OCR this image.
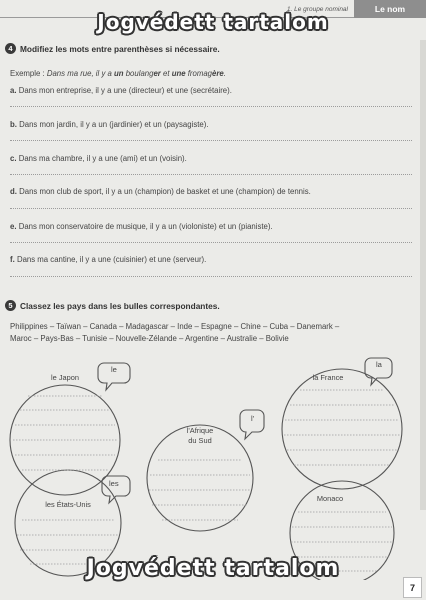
1. Le groupe nominal	Le nom
Jogvédett tartalom
4 Modifiez les mots entre parenthèses si nécessaire.
Exemple : Dans ma rue, il y a un boulanger et une fromagère.
a. Dans mon entreprise, il y a une (directeur) et une (secrétaire).
b. Dans mon jardin, il y a un (jardinier) et un (paysagiste).
c. Dans ma chambre, il y a une (ami) et un (voisin).
d. Dans mon club de sport, il y a un (champion) de basket et une (champion) de tennis.
e. Dans mon conservatoire de musique, il y a un (violoniste) et un (pianiste).
f. Dans ma cantine, il y a une (cuisinier) et une (serveur).
5 Classez les pays dans les bulles correspondantes.
Philippines – Taïwan – Canada – Madagascar – Inde – Espagne – Chine – Cuba – Danemark –
Maroc – Pays-Bas – Tunisie – Nouvelle-Zélande – Argentine – Australie – Bolivie
le Japon	la France
l'Afrique
du Sud
les États-Unis
Monaco
le
la
l'
les
Jogvédett tartalom
7
